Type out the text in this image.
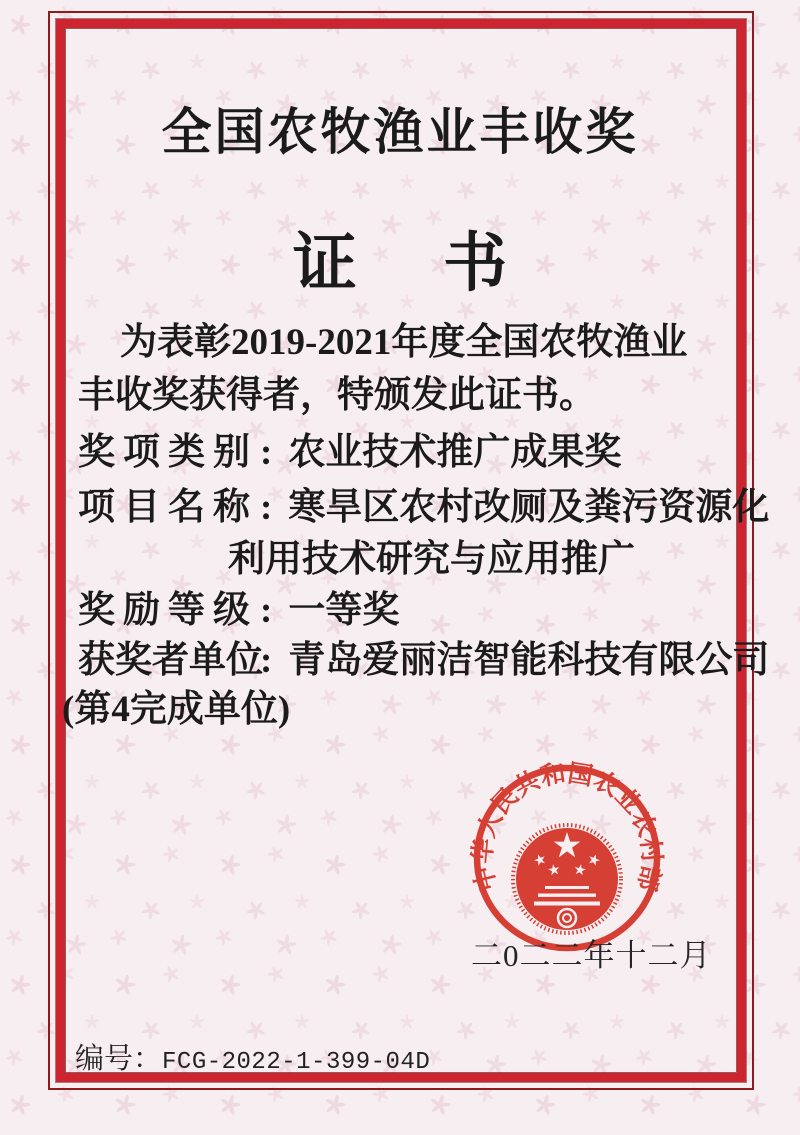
全国农牧渔业丰收奖
证书
为表彰2019-2021年度全国农牧渔业
丰收奖获得者，特颁发此证书。
奖项类别 : 农业技术推广成果奖
项目名称 : 寒旱区农村改厕及粪污资源化
利用技术研究与应用推广
奖励等级 : 一等奖
获奖者单位
: 青岛爱丽洁智能科技有限公司
(第4完成单位)
中华人民共和国农业农村部
二0二二年十二月
编号：FCG-2022-1-399-04D
